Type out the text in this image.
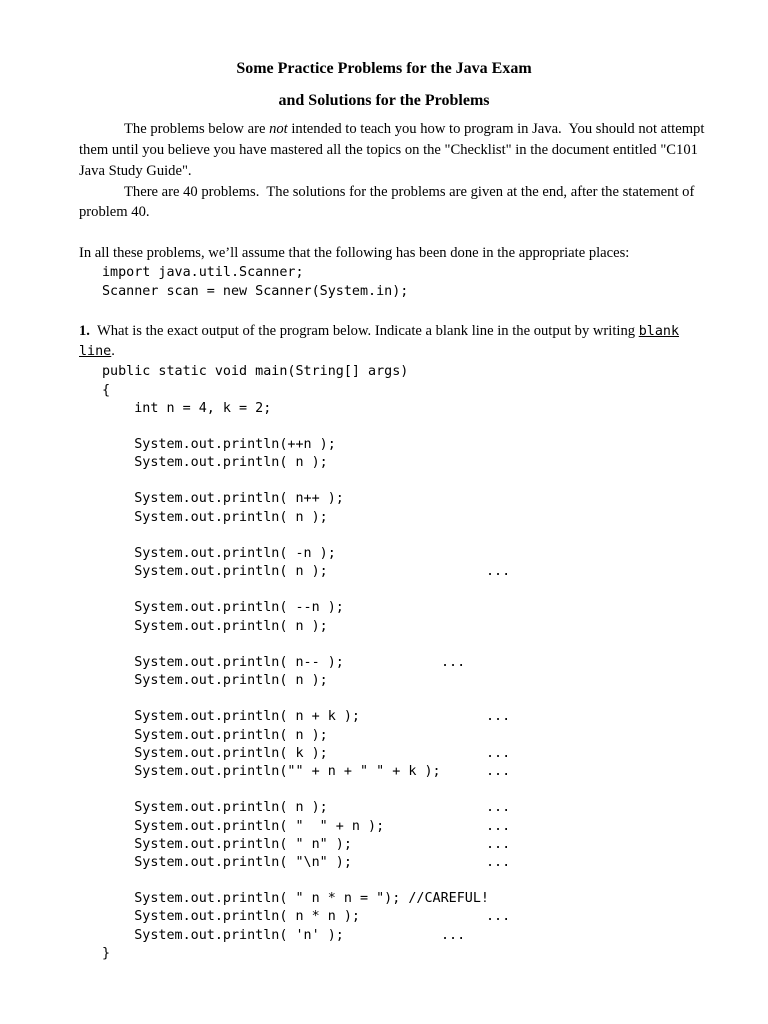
Some Practice Problems for the Java Exam
and Solutions for the Problems
The problems below are not intended to teach you how to program in Java.  You should not attempt
them until you believe you have mastered all the topics on the "Checklist" in the document entitled "C101
Java Study Guide".
There are 40 problems.  The solutions for the problems are given at the end, after the statement of
problem 40.
In all these problems, we’ll assume that the following has been done in the appropriate places:
import java.util.Scanner;
Scanner scan = new Scanner(System.in);
1.  What is the exact output of the program below. Indicate a blank line in the output by writing blank
line.
public static void main(String[] args)
{
int n = 4, k = 2;
System.out.println(++n );
System.out.println( n );
System.out.println( n++ );
System.out.println( n );
System.out.println( -n );
System.out.println( n );
System.out.println( --n );
System.out.println( n );
System.out.println( n-- );
System.out.println( n );
System.out.println( n + k );
System.out.println( n );
System.out.println( k );
System.out.println("" + n + " " + k );
System.out.println( n );
System.out.println( "  " + n );
System.out.println( " n" );
System.out.println( "\n" );
System.out.println( " n * n = "); //CAREFUL!
System.out.println( n * n );
System.out.println( 'n' );
}
...
...
...
...
...
...
...
...
...
...
...
